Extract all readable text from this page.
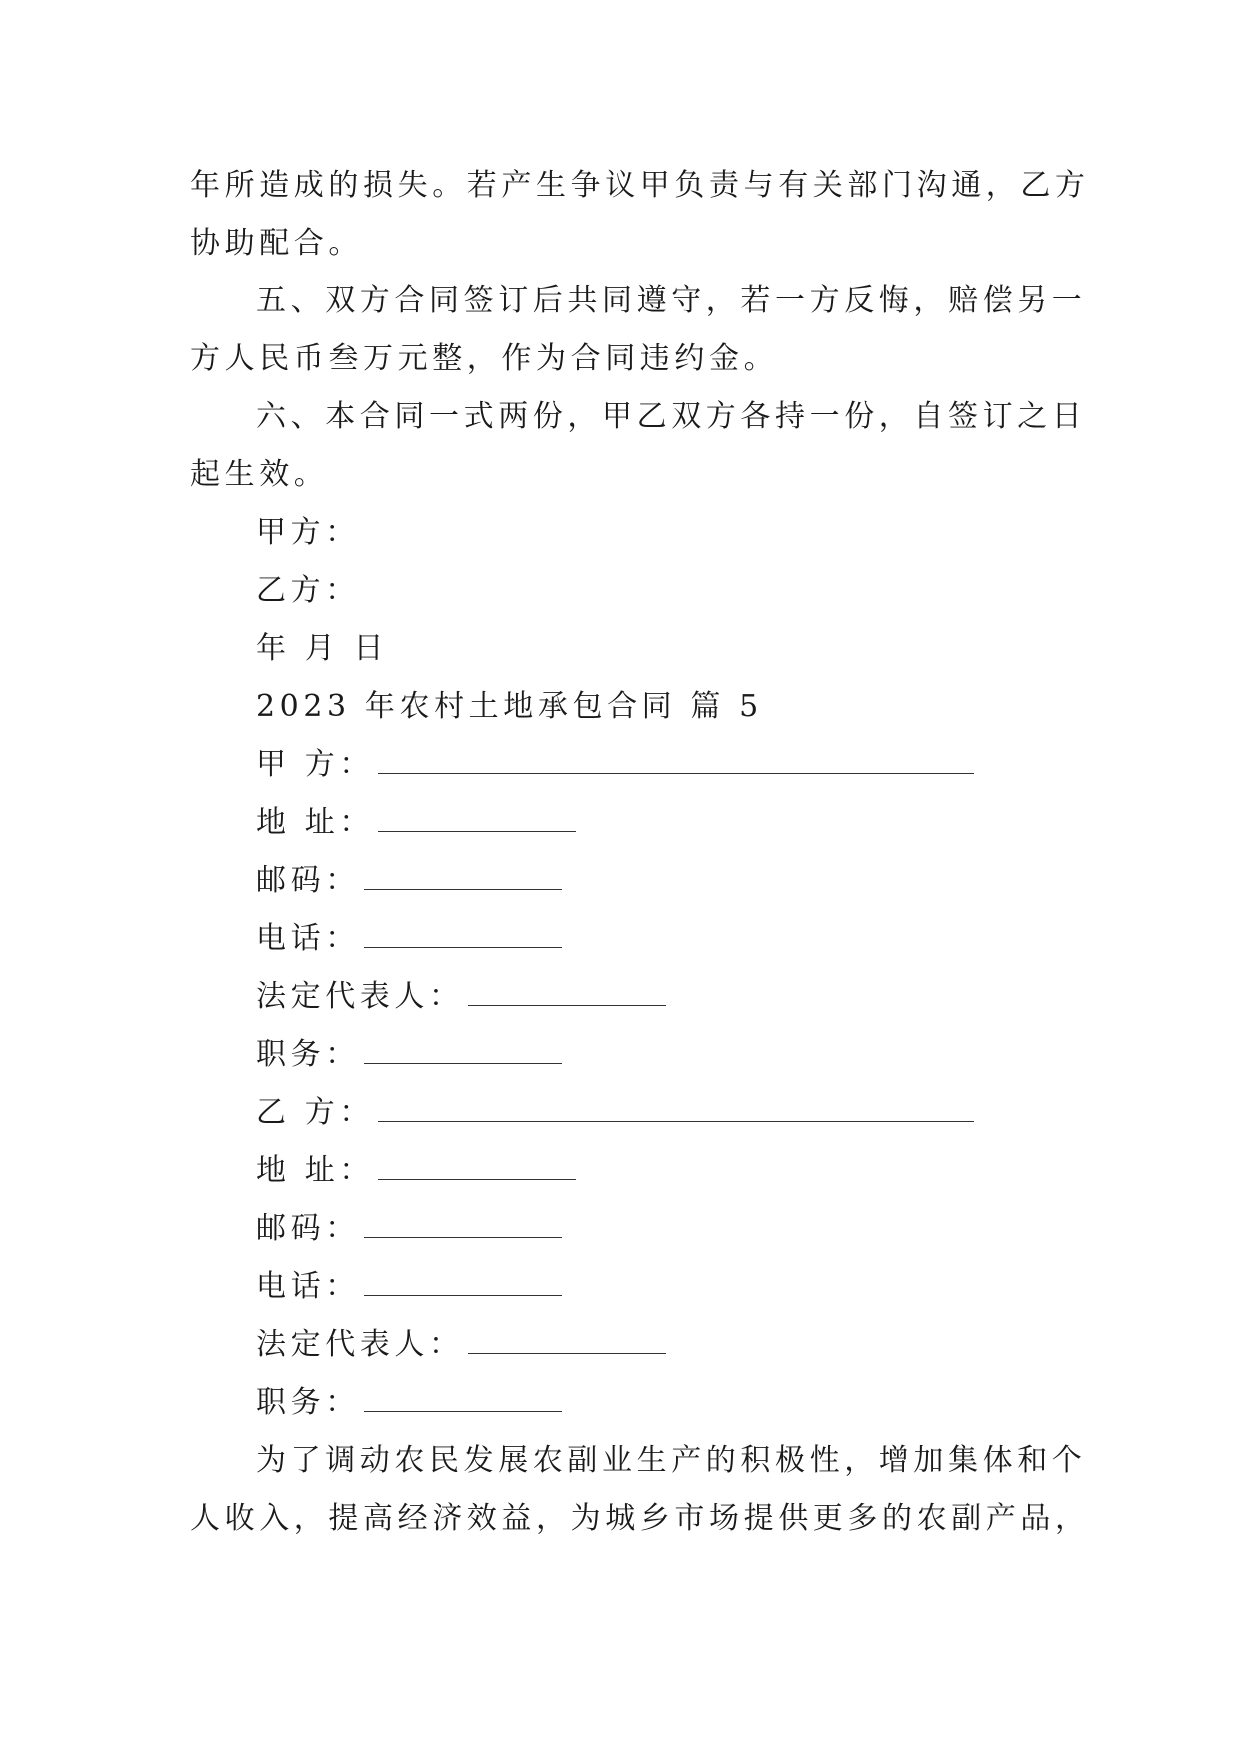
年所造成的损失。若产生争议甲负责与有关部门沟通，乙方
协助配合。
五、双方合同签订后共同遵守，若一方反悔，赔偿另一
方人民币叁万元整，作为合同违约金。
六、本合同一式两份，甲乙双方各持一份，自签订之日
起生效。
甲方：
乙方：
年 月 日
2023 年农村土地承包合同 篇 5
甲 方：
地 址：
邮码：
电话：
法定代表人：
职务：
乙 方：
地 址：
邮码：
电话：
法定代表人：
职务：
为了调动农民发展农副业生产的积极性，增加集体和个
人收入，提高经济效益，为城乡市场提供更多的农副产品，
